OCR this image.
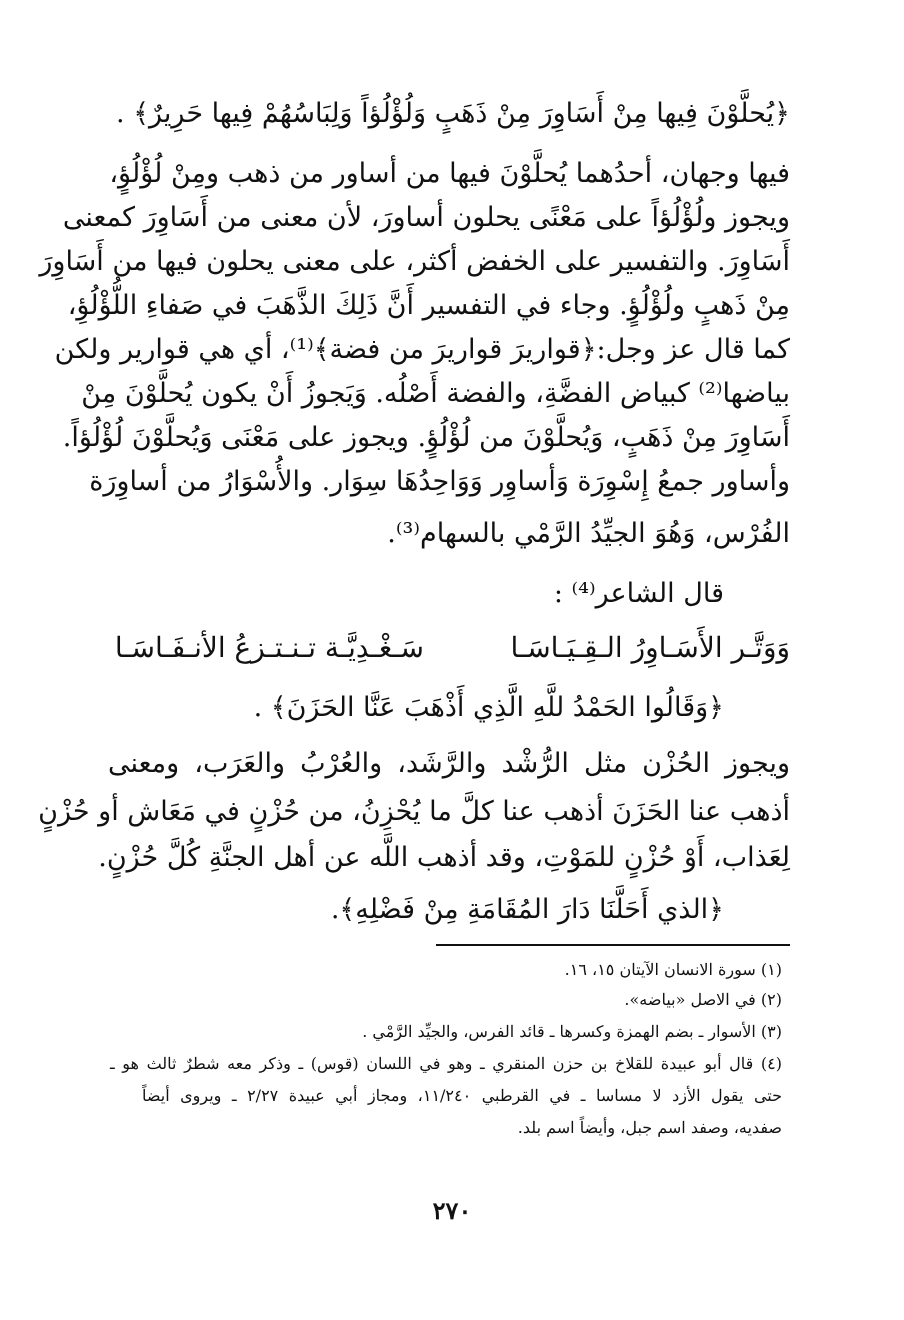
﴿يُحلَّوْنَ فِيها مِنْ أَسَاوِرَ مِنْ ذَهَبٍ وَلُؤْلُؤاً وَلِبَاسُهُمْ فِيها حَرِيرٌ﴾ .

فيها وجهان، أحدُهما يُحلَّوْنَ فيها من أساور من ذهب ومِنْ لُؤْلُؤٍ،

ويجوز ولُؤْلُؤاً على مَعْنًى يحلون أساورَ، لأن معنى من أَسَاوِرَ كمعنى

أَسَاوِرَ. والتفسير على الخفض أكثر، على معنى يحلون فيها من أَسَاوِرَ

مِنْ ذَهبٍ ولُؤْلُؤٍ. وجاء في التفسير أَنَّ ذَلِكَ الذَّهَبَ في صَفاءِ اللُّؤْلُؤِ،

كما قال عز وجل:﴿قواريرَ قواريرَ من فضة﴾⁽¹⁾، أي هي قوارير ولكن

بياضها⁽²⁾ كبياض الفضَّةِ، والفضة أَصْلُه. وَيَجوزُ أَنْ يكون يُحلَّوْنَ مِنْ

أَسَاوِرَ مِنْ ذَهَبٍ، وَيُحلَّوْنَ من لُؤْلُؤٍ. ويجوز على مَعْنَى وَيُحلَّوْنَ لُؤْلُؤاً.

وأساور جمعُ إِسْوِرَة وَأساوِر وَوَاحِدُهَا سِوَار. والأُسْوَارُ من أساوِرَة

الفُرْس، وَهُوَ الجيِّدُ الرَّمْي بالسهام⁽³⁾.

قال الشاعر⁽⁴⁾ :

وَوَتَّـر الأَسَـاوِرُ الـقِـيَـاسَـا
سَـغْـدِيَّـة تـنـتـزعُ الأنـفَـاسَـا

﴿وَقَالُوا الحَمْدُ للَّهِ الَّذِي أَذْهَبَ عَنَّا الحَزَنَ﴾ .

ويجوز الحُزْن مثل الرُّشْد والرَّشَد، والعُرْبُ والعَرَب، ومعنى

أذهب عنا الحَزَنَ أذهب عنا كلَّ ما يُحْزِنُ، من حُزْنٍ في مَعَاش أو حُزْنٍ

لِعَذاب، أَوْ حُزْنٍ للمَوْتِ، وقد أذهب اللَّه عن أهل الجنَّةِ كُلَّ حُزْنٍ.

﴿الذي أَحَلَّنَا دَارَ المُقَامَةِ مِنْ فَضْلِهِ﴾.

(١) سورة الانسان الآيتان ١٥، ١٦.

(٢) في الاصل «بياضه».

(٣) الأسوار ـ بضم الهمزة وكسرها ـ قائد الفرس، والجيِّد الرَّمْي .

(٤) قال أبو عبيدة للقلاخ بن حزن المنقري ـ وهو في اللسان (قوس) ـ وذكر معه شطرٌ ثالث هو ـ

حتى يقول الأزد لا مساسا ـ في القرطبي ١١/٢٤٠، ومجاز أبي عبيدة ٢/٢٧ ـ ويروى أيضاً

صفديه، وصفد اسم جبل، وأيضاً اسم بلد.

٢٧٠
